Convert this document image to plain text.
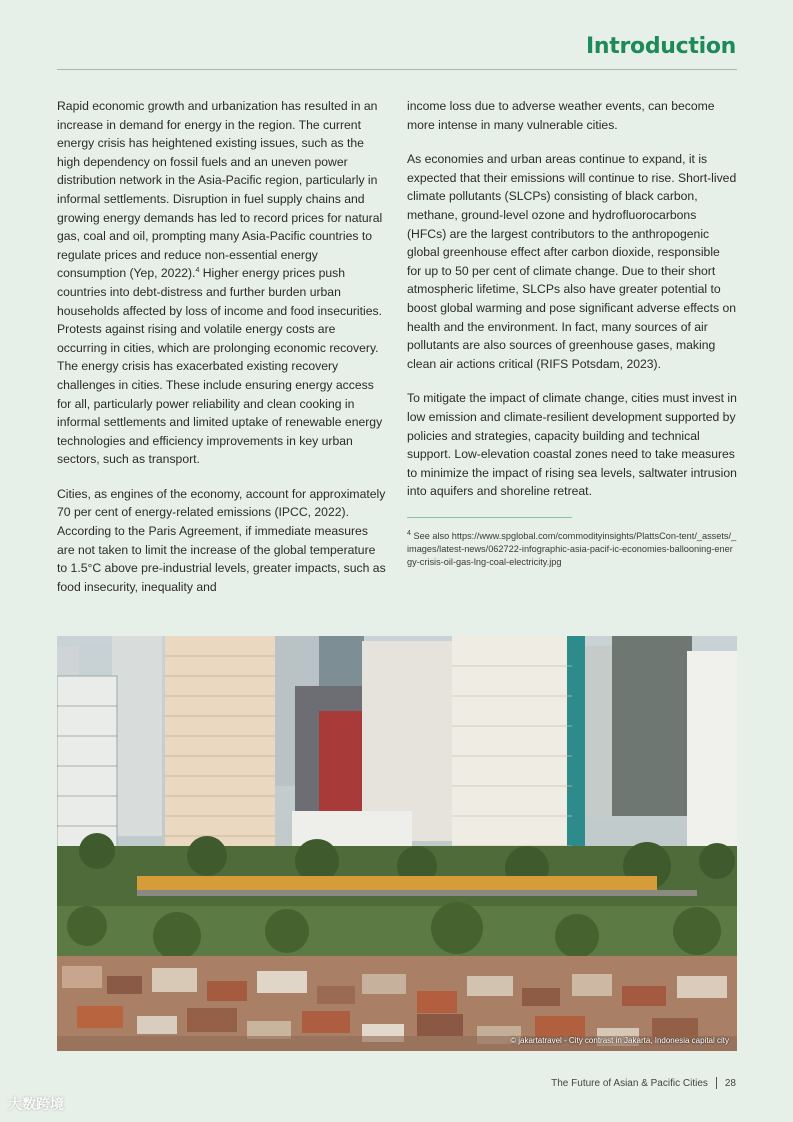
Introduction

Rapid economic growth and urbanization has resulted in an increase in demand for energy in the region. The current energy crisis has heightened existing issues, such as the high dependency on fossil fuels and an uneven power distribution network in the Asia-Pacific region, particularly in informal settlements. Disruption in fuel supply chains and growing energy demands has led to record prices for natural gas, coal and oil, prompting many Asia-Pacific countries to regulate prices and reduce non-essential energy consumption (Yep, 2022).$^4$ Higher energy prices push countries into debt-distress and further burden urban households affected by loss of income and food insecurities. Protests against rising and volatile energy costs are occurring in cities, which are prolonging economic recovery. The energy crisis has exacerbated existing recovery challenges in cities. These include ensuring energy access for all, particularly power reliability and clean cooking in informal settlements and limited uptake of renewable energy technologies and efficiency improvements in key urban sectors, such as transport.

Cities, as engines of the economy, account for approximately 70 per cent of energy-related emissions (IPCC, 2022). According to the Paris Agreement, if immediate measures are not taken to limit the increase of the global temperature to 1.5°C above pre-industrial levels, greater impacts, such as food insecurity, inequality and

income loss due to adverse weather events, can become more intense in many vulnerable cities.

As economies and urban areas continue to expand, it is expected that their emissions will continue to rise. Short-lived climate pollutants (SLCPs) consisting of black carbon, methane, ground-level ozone and hydrofluorocarbons (HFCs) are the largest contributors to the anthropogenic global greenhouse effect after carbon dioxide, responsible for up to 50 per cent of climate change. Due to their short atmospheric lifetime, SLCPs also have greater potential to boost global warming and pose significant adverse effects on health and the environment. In fact, many sources of air pollutants are also sources of greenhouse gases, making clean air actions critical (RIFS Potsdam, 2023).

To mitigate the impact of climate change, cities must invest in low emission and climate-resilient development supported by policies and strategies, capacity building and technical support. Low-elevation coastal zones need to take measures to minimize the impact of rising sea levels, saltwater intrusion into aquifers and shoreline retreat.

$^4$ See also https://www.spglobal.com/commodityinsights/PlattsCon-tent/_assets/_images/latest-news/062722-infographic-asia-pacif-ic-economies-ballooning-energy-crisis-oil-gas-lng-coal-electricity.jpg
© jakartatravel - City contrast in Jakarta, Indonesia capital city
The Future of Asian & Pacific Cities 28
大数跨境
